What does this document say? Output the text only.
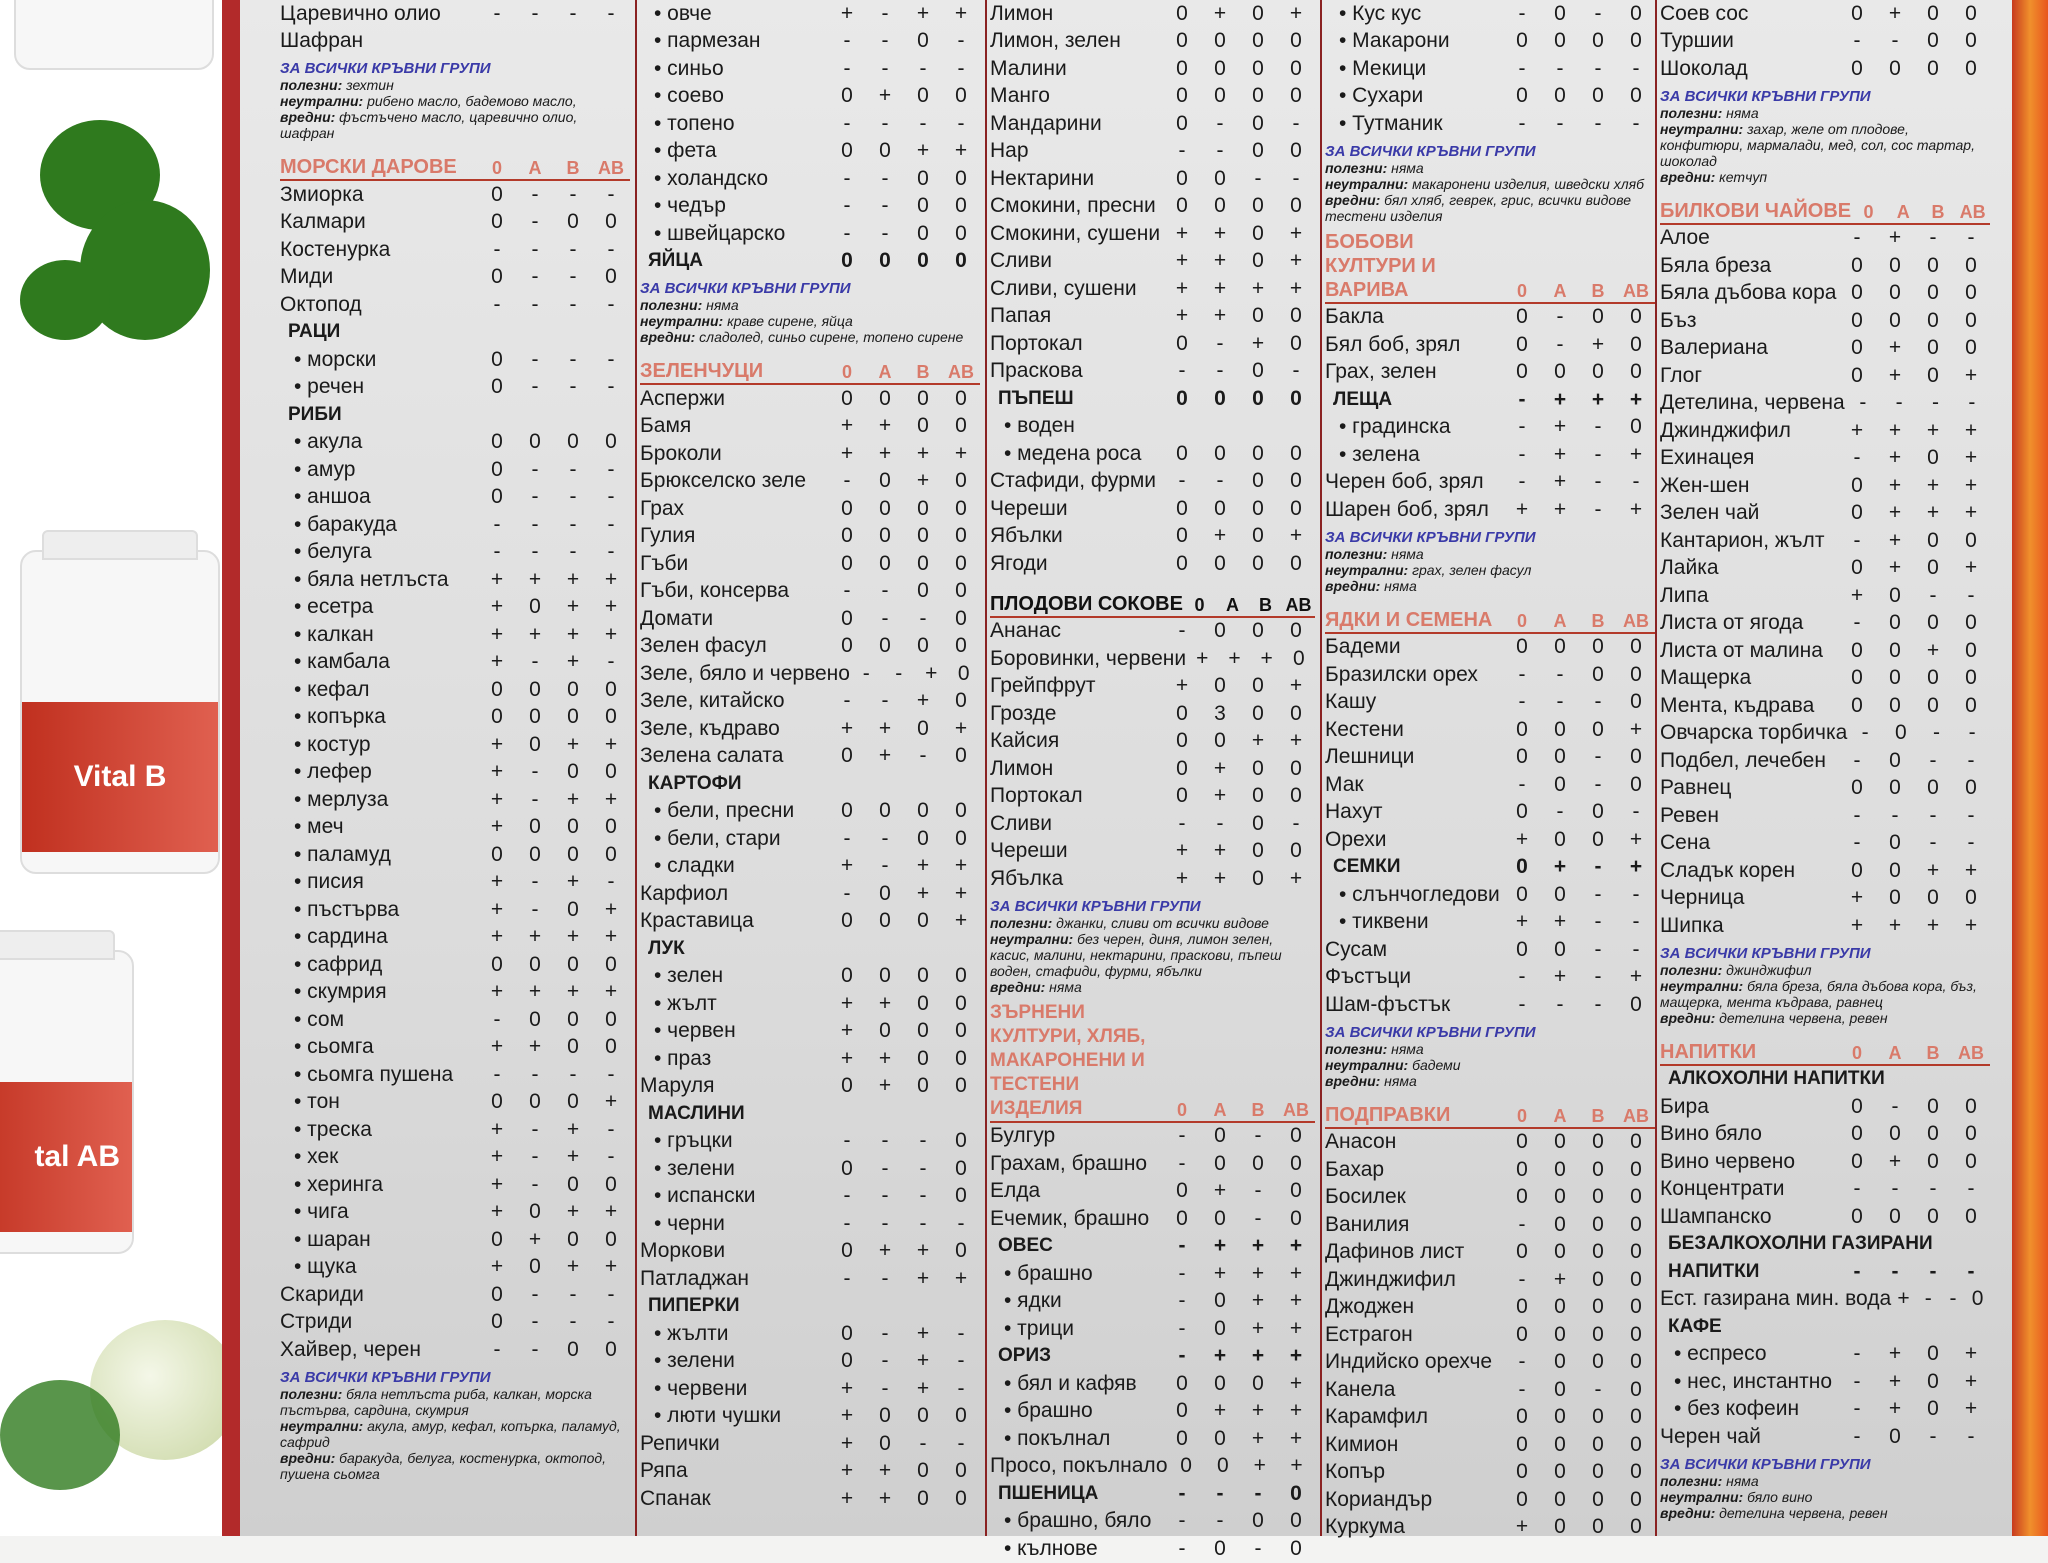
Vital B
tal AB
Царевично олио	-	-	-	-
Шафран
ЗА ВСИЧКИ КРЪВНИ ГРУПИ
полезни: зехтин
неутрални: рибено масло, бадемово масло,
вредни: фъстъчено масло, царевично олио, шафран
МОРСКИ ДАРОВЕ	0	A	B	AB
Змиорка	0	-	-	-
Калмари	0	-	0	0
Костенурка	-	-	-	-
Миди	0	-	-	0
Октопод	-	-	-	-
РАЦИ
• морски	0	-	-	-
• речен	0	-	-	-
РИБИ
• акула	0	0	0	0
• амур	0	-	-	-
• аншоа	0	-	-	-
• баракуда	-	-	-	-
• белуга	-	-	-	-
• бяла нетлъста	+	+	+	+
• есетра	+	0	+	+
• калкан	+	+	+	+
• камбала	+	-	+	-
• кефал	0	0	0	0
• копърка	0	0	0	0
• костур	+	0	+	+
• лефер	+	-	0	0
• мерлуза	+	-	+	+
• меч	+	0	0	0
• паламуд	0	0	0	0
• писия	+	-	+	-
• пъстърва	+	-	0	+
• сардина	+	+	+	+
• сафрид	0	0	0	0
• скумрия	+	+	+	+
• сом	-	0	0	0
• сьомга	+	+	0	0
• сьомга пушена	-	-	-	-
• тон	0	0	0	+
• треска	+	-	+	-
• хек	+	-	+	-
• херинга	+	-	0	0
• чига	+	0	+	+
• шаран	0	+	0	0
• щука	+	0	+	+
Скариди	0	-	-	-
Стриди	0	-	-	-
Хайвер, черен	-	-	0	0
ЗА ВСИЧКИ КРЪВНИ ГРУПИ
полезни: бяла нетлъста риба, калкан, морска пъстърва, сардина, скумрия
неутрални: акула, амур, кефал, копърка, паламуд, сафрид
вредни: баракуда, белуга, костенурка, октопод, пушена сьомга
• овче	+	-	+	+
• пармезан	-	-	0	-
• синьо	-	-	-	-
• соево	0	+	0	0
• топено	-	-	-	-
• фета	0	0	+	+
• холандско	-	-	0	0
• чедър	-	-	0	0
• швейцарско	-	-	0	0
ЯЙЦА	0	0	0	0
ЗА ВСИЧКИ КРЪВНИ ГРУПИ
полезни: няма
неутрални: краве сирене, яйца
вредни: сладолед, синьо сирене, топено сирене
ЗЕЛЕНЧУЦИ	0	A	B	AB
Аспержи	0	0	0	0
Бамя	+	+	0	0
Броколи	+	+	+	+
Брюкселско зеле	-	0	+	0
Грах	0	0	0	0
Гулия	0	0	0	0
Гъби	0	0	0	0
Гъби, консерва	-	-	0	0
Домати	0	-	-	0
Зелен фасул	0	0	0	0
Зеле, бяло и червено -	-	+ 0
Зеле, китайско	-	-	+	0
Зеле, къдраво	+	+	0	+
Зелена салата	0	+	-	0
КАРТОФИ
• бели, пресни	0	0	0	0
• бели, стари	-	-	0	0
• сладки	+	-	+	+
Карфиол	-	0	+	+
Краставица	0	0	0	+
ЛУК
• зелен	0	0	0	0
• жълт	+	+	0	0
• червен	+	0	0	0
• праз	+	+	0	0
Маруля	0	+	0	0
МАСЛИНИ
• гръцки	-	-	-	0
• зелени	0	-	-	0
• испански	-	-	-	0
• черни	-	-	-	-
Моркови	0	+	+	0
Патладжан	-	-	+	+
ПИПЕРКИ
• жълти	0	-	+	-
• зелени	0	-	+	-
• червени	+	-	+	-
• люти чушки	+	0	0	0
Репички	+	0	-	-
Ряпа	+	+	0	0
Спанак	+	+	0	0
Лимон	0	+	0	+
Лимон, зелен	0	0	0	0
Малини	0	0	0	0
Манго	0	0	0	0
Мандарини	0	-	0	-
Нар	-	-	0	0
Нектарини	0	0	-	-
Смокини, пресни 0	0	0	0
Смокини, сушени +	+	0	+
Сливи	+	+	0	+
Сливи, сушени	+	+	+	+
Папая	+	+	0	0
Портокал	0	-	+	0
Праскова	-	-	0	-
ПЪПЕШ	0	0	0	0
• воден
• медена роса	0	0	0	0
Стафиди, фурми	-	-	0	0
Череши	0	0	0	0
Ябълки	0	+	0	+
Ягоди	0	0	0	0
ПЛОДОВИ СОКОВЕ 0	A	B AB
Ананас	-	0	0	0
Боровинки, червени + + + 0
Грейпфрут	+	0	0	+
Грозде	0	3	0	0
Кайсия	0	0	+	+
Лимон	0	+	0	0
Портокал	0	+	0	0
Сливи	-	-	0	-
Череши	+	+	0	0
Ябълка	+	+	0	+
ЗА ВСИЧКИ КРЪВНИ ГРУПИ
полезни: джанки, сливи от всички видове
неутрални: без черен, диня, лимон зелен, касис, малини, нектарини, праскови, пъпеш воден, стафиди, фурми, ябълки
вредни: няма
ЗЪРНЕНИ КУЛТУРИ, ХЛЯБ, МАКАРОНЕНИ И ТЕСТЕНИ ИЗДЕЛИЯ	0	A	B	AB
Булгур	-	0	-	0
Грахам, брашно	-	0	0	0
Елда	0	+	-	0
Ечемик, брашно	0	0	-	0
ОВЕС	-	+	+	+
• брашно	-	+	+	+
• ядки	-	0	+	+
• трици	-	0	+	+
ОРИЗ	-	+	+	+
• бял и кафяв	0	0	0	+
• брашно	0	+	+	+
• покълнал	0	0	+	+
Просо, покълнало 0	0	+	+
ПШЕНИЦА	-	-	-	0
• брашно, бяло	-	-	0	0
• кълнове	-	0	-	0
• Кус кус	-	0	-	0
• Макарони	0	0	0	0
• Мекици	-	-	-	-
• Сухари	0	0	0	0
• Тутманик	-	-	-	-
ЗА ВСИЧКИ КРЪВНИ ГРУПИ
полезни: няма
неутрални: макаронени изделия, шведски хляб
вредни: бял хляб, геврек, грис, всички видове тестени изделия
БОБОВИ КУЛТУРИ И ВАРИВА	0	A	B	AB
Бакла	0	-	0	0
Бял боб, зрял	0	-	+	0
Грах, зелен	0	0	0	0
ЛЕЩА	-	+	+	+
• градинска	-	+	-	0
• зелена	-	+	-	+
Черен боб, зрял	-	+	-	-
Шарен боб, зрял	+	+	-	+
ЗА ВСИЧКИ КРЪВНИ ГРУПИ
полезни: няма
неутрални: грах, зелен фасул
вредни: няма
ЯДКИ И СЕМЕНА	0	A	B	AB
Бадеми	0	0	0	0
Бразилски орех	-	-	0	0
Кашу	-	-	-	0
Кестени	0	0	0	+
Лешници	0	0	-	0
Мак	-	0	-	0
Нахут	0	-	0	-
Орехи	+	0	0	+
СЕМКИ	0	+	-	+
• слънчогледови 0	0	-	-
• тиквени	+	+	-	-
Сусам	0	0	-	-
Фъстъци	-	+	-	+
Шам-фъстък	-	-	-	0
ЗА ВСИЧКИ КРЪВНИ ГРУПИ
полезни: няма
неутрални: бадеми
вредни: няма
ПОДПРАВКИ	0	A	B	AB
Анасон	0	0	0	0
Бахар	0	0	0	0
Босилек	0	0	0	0
Ванилия	-	0	0	0
Дафинов лист	0	0	0	0
Джинджифил	-	+	0	0
Джоджен	0	0	0	0
Естрагон	0	0	0	0
Индийско орехче	-	0	0	0
Канела	-	0	-	0
Карамфил	0	0	0	0
Кимион	0	0	0	0
Копър	0	0	0	0
Кориандър	0	0	0	0
Куркума	+	0	0	0
Соев сос	0	+	0	0
Туршии	-	-	0	0
Шоколад	0	0	0	0
ЗА ВСИЧКИ КРЪВНИ ГРУПИ
полезни: няма
неутрални: захар, желе от плодове, конфитюри, мармалади, мед, сол, сос тартар, шоколад
вредни: кетчуп
БИЛКОВИ ЧАЙОВЕ 0	A	B AB
Алое	-	+	-	-
Бяла бреза	0	0	0	0
Бяла дъбова кора 0	0	0	0
Бъз	0	0	0	0
Валериана	0	+	0	0
Глог	0	+	0	+
Детелина, червена -	-	-	-
Джинджифил	+	+	+	+
Ехинацея	-	+	0	+
Жен-шен	0	+	+	+
Зелен чай	0	+	+	+
Кантарион, жълт	-	+	0	0
Лайка	0	+	0	+
Липа	+	0	-	-
Листа от ягода	-	0	0	0
Листа от малина	0	0	+	0
Мащерка	0	0	0	0
Мента, къдрава	0	0	0	0
Овчарска торбичка -	0	-	-
Подбел, лечебен	-	0	-	-
Равнец	0	0	0	0
Ревен	-	-	-	-
Сена	-	0	-	-
Сладък корен	0	0	+	+
Черница	+	0	0	0
Шипка	+	+	+	+
ЗА ВСИЧКИ КРЪВНИ ГРУПИ
полезни: джинджифил
неутрални: бяла бреза, бяла дъбова кора, бъз, мащерка, мента къдрава, равнец
вредни: детелина червена, ревен
НАПИТКИ	0	A	B	AB
АЛКОХОЛНИ НАПИТКИ
Бира	0	-	0	0
Вино бяло	0	0	0	0
Вино червено	0	+	0	0
Концентрати	-	-	-	-
Шампанско	0	0	0	0
БЕЗАЛКОХОЛНИ ГАЗИРАНИ
НАПИТКИ	-	-	-	-
Ест. газирана мин. вода + - - 0
КАФЕ
• еспресо	-	+	0	+
• нес, инстантно	-	+	0	+
• без кофеин	-	+	0	+
Черен чай	-	0	-	-
ЗА ВСИЧКИ КРЪВНИ ГРУПИ
полезни: няма
неутрални: бяло вино
вредни: детелина червена, ревен
